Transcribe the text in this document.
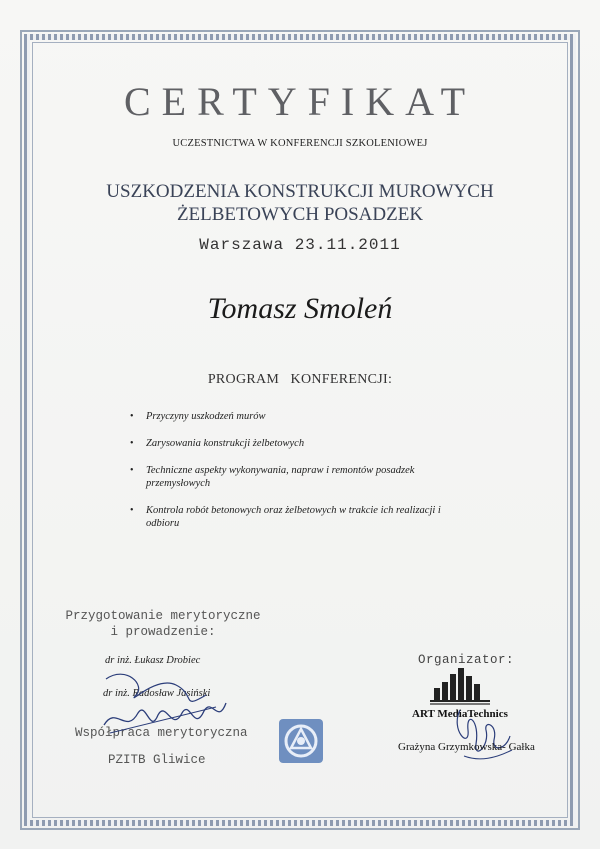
CERTYFIKAT
UCZESTNICTWA W KONFERENCJI SZKOLENIOWEJ
USZKODZENIA KONSTRUKCJI MUROWYCH
ŻELBETOWYCH POSADZEK
Warszawa 23.11.2011
Tomasz Smoleń
PROGRAM   KONFERENCJI:
• Przyczyny uszkodzeń murów
• Zarysowania konstrukcji żelbetowych
• Techniczne aspekty wykonywania, napraw i remontów posadzek przemysłowych
• Kontrola robót betonowych oraz żelbetowych w trakcie ich realizacji i odbioru
Przygotowanie merytoryczne
i prowadzenie:
dr inż. Łukasz Drobiec
dr inż. Radosław Jasiński
Współpraca merytoryczna
PZITB Gliwice
Organizator:
ART MediaTechnics
Grażyna Grzymkowska- Gałka
